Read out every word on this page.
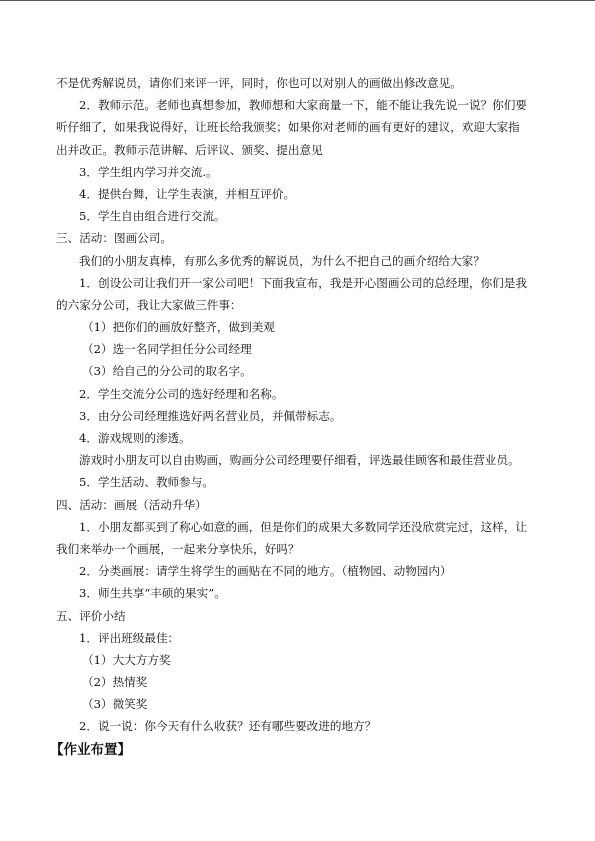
不是优秀解说员，请你们来评一评，同时，你也可以对别人的画做出修改意见。
2．教师示范。老师也真想参加，教师想和大家商量一下，能不能让我先说一说？你们要
听仔细了，如果我说得好，让班长给我颁奖；如果你对老师的画有更好的建议，欢迎大家指
出并改正。教师示范讲解、后评议、颁奖、提出意见
3．学生组内学习并交流.。
4．提供台舞，让学生表演，并相互评价。
5．学生自由组合进行交流。
三、活动：图画公司。
我们的小朋友真棒，有那么多优秀的解说员，为什么不把自己的画介绍给大家？
1．创设公司让我们开一家公司吧！下面我宣布，我是开心图画公司的总经理，你们是我
的六家分公司，我让大家做三件事：
（1）把你们的画放好整齐，做到美观
（2）选一名同学担任分公司经理
（3）给自己的分公司的取名字。
2．学生交流分公司的选好经理和名称。
3．由分公司经理推选好两名营业员，并佩带标志。
4．游戏规则的渗透。
游戏时小朋友可以自由购画，购画分公司经理要仔细看，评选最佳顾客和最佳营业员。
5．学生活动、教师参与。
四、活动：画展（活动升华）
1．小朋友都买到了称心如意的画，但是你们的成果大多数同学还没欣赏完过，这样，让
我们来举办一个画展，一起来分享快乐，好吗？
2．分类画展：请学生将学生的画贴在不同的地方。（植物园、动物园内）
3．师生共享“丰硕的果实”。
五、评价小结
1．评出班级最佳：
（1）大大方方奖
（2）热情奖
（3）微笑奖
2．说一说：你今天有什么收获？还有哪些要改进的地方？
【作业布置】
